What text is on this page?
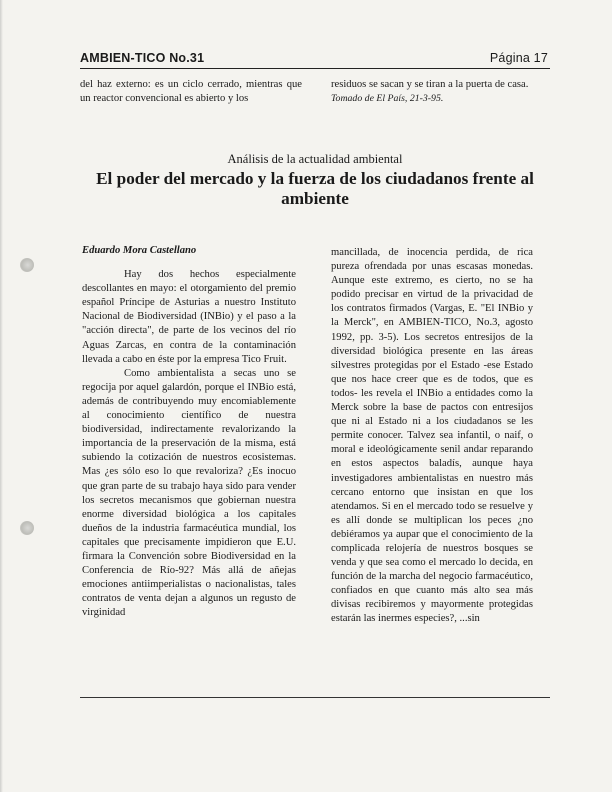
AMBIEN-TICO No.31	Página 17
del haz externo: es un ciclo cerrado, mientras que un reactor convencional es abierto y los
residuos se sacan y se tiran a la puerta de casa.
Tomado de El País, 21-3-95.
Análisis de la actualidad ambiental
El poder del mercado y la fuerza de los ciudadanos frente al ambiente
Eduardo Mora Castellano

Hay dos hechos especialmente descollantes en mayo: el otorgamiento del premio español Príncipe de Asturias a nuestro Instituto Nacional de Biodiversidad (INBio) y el paso a la "acción directa", de parte de los vecinos del río Aguas Zarcas, en contra de la contaminación llevada a cabo en éste por la empresa Tico Fruit.

Como ambientalista a secas uno se regocija por aquel galardón, porque el INBio está, además de contribuyendo muy encomiablemente al conocimiento científico de nuestra biodiversidad, indirectamente revalorizando la importancia de la preservación de la misma, está subiendo la cotización de nuestros ecosistemas. Mas ¿es sólo eso lo que revaloriza? ¿Es inocuo que gran parte de su trabajo haya sido para vender los secretos mecanismos que gobiernan nuestra enorme diversidad biológica a los capitales dueños de la industria farmacéutica mundial, los capitales que precisamente impidieron que E.U. firmara la Convención sobre Biodiversidad en la Conferencia de Río-92? Más allá de añejas emociones antiimperialistas o nacionalistas, tales contratos de venta dejan a algunos un regusto de virginidad

mancillada, de inocencia perdida, de rica pureza ofrendada por unas escasas monedas. Aunque este extremo, es cierto, no se ha podido precisar en virtud de la privacidad de los contratos firmados (Vargas, E. "El INBio y la Merck", en AMBIEN-TICO, No.3, agosto 1992, pp. 3-5). Los secretos entresijos de la diversidad biológica presente en las áreas silvestres protegidas por el Estado -ese Estado que nos hace creer que es de todos, que es todos- les revela el INBio a entidades como la Merck sobre la base de pactos con entresijos que ni al Estado ni a los ciudadanos se les permite conocer. Talvez sea infantil, o naif, o moral e ideológicamente senil andar reparando en estos aspectos baladís, aunque haya investigadores ambientalistas en nuestro más cercano entorno que insistan en que los atendamos. Si en el mercado todo se resuelve y es allí donde se multiplican los peces ¿no debiéramos ya aupar que el conocimiento de la complicada relojería de nuestros bosques se venda y que sea como el mercado lo decida, en función de la marcha del negocio farmacéutico, confiados en que cuanto más alto sea más divisas recibiremos y mayormente protegidas estarán las inermes especies?, ...sin
